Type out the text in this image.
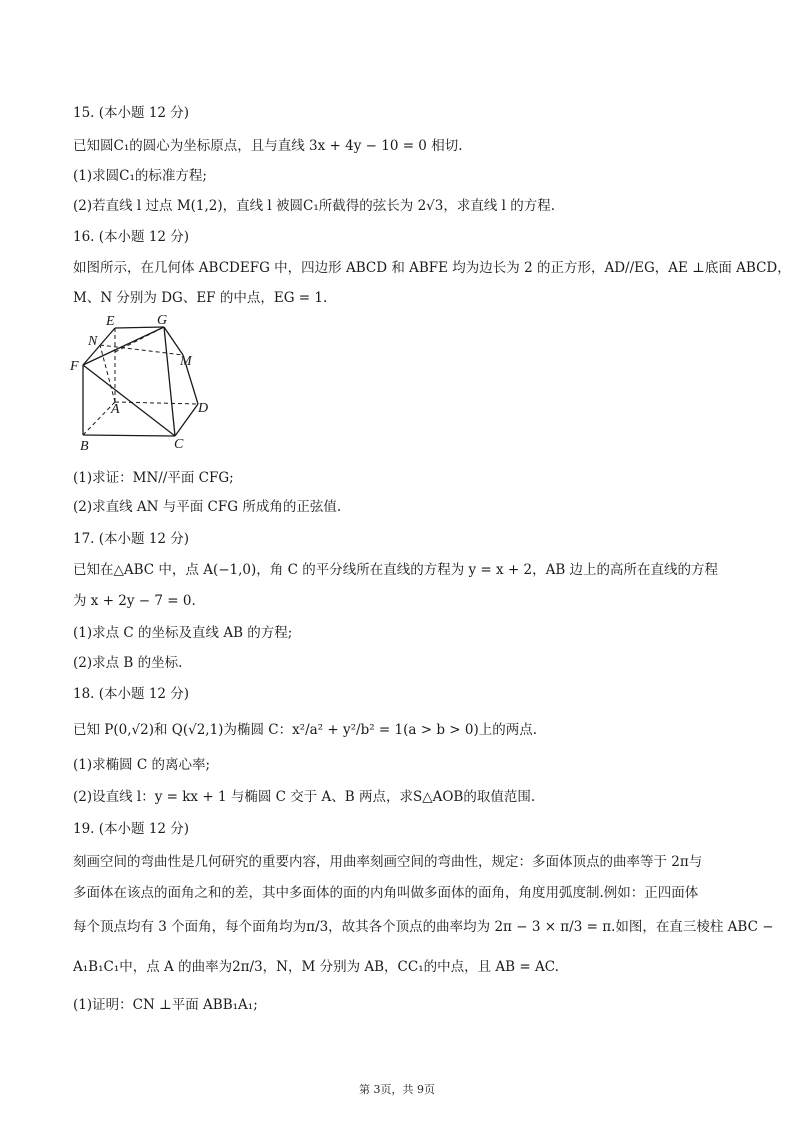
15. (本小题 12 分)
已知圆C₁的圆心为坐标原点，且与直线 3x + 4y − 10 = 0 相切.
(1)求圆C₁的标准方程;
(2)若直线 l 过点 M(1,2)，直线 l 被圆C₁所截得的弦长为 2√3，求直线 l 的方程.
16. (本小题 12 分)
如图所示，在几何体 ABCDEFG 中，四边形 ABCD 和 ABFE 均为边长为 2 的正方形，AD//EG，AE ⊥底面 ABCD，
M、N 分别为 DG、EF 的中点，EG = 1.
E	G
N
M
F
A	D
B	C
(1)求证：MN//平面 CFG;
(2)求直线 AN 与平面 CFG 所成角的正弦值.
17. (本小题 12 分)
已知在△ABC 中，点 A(−1,0)，角 C 的平分线所在直线的方程为 y = x + 2，AB 边上的高所在直线的方程
为 x + 2y − 7 = 0.
(1)求点 C 的坐标及直线 AB 的方程;
(2)求点 B 的坐标.
18. (本小题 12 分)
已知 P(0,√2)和 Q(√2,1)为椭圆 C：x²/a² + y²/b² = 1(a > b > 0)上的两点.
(1)求椭圆 C 的离心率;
(2)设直线 l：y = kx + 1 与椭圆 C 交于 A、B 两点，求S△AOB的取值范围.
19. (本小题 12 分)
刻画空间的弯曲性是几何研究的重要内容，用曲率刻画空间的弯曲性，规定：多面体顶点的曲率等于 2π与
多面体在该点的面角之和的差，其中多面体的面的内角叫做多面体的面角，角度用弧度制.例如：正四面体
每个顶点均有 3 个面角，每个面角均为π/3，故其各个顶点的曲率均为 2π − 3 × π/3 = π.如图，在直三棱柱 ABC −
A₁B₁C₁中，点 A 的曲率为2π/3，N，M 分别为 AB，CC₁的中点，且 AB = AC.
(1)证明：CN ⊥平面 ABB₁A₁;
第 3页，共 9页
